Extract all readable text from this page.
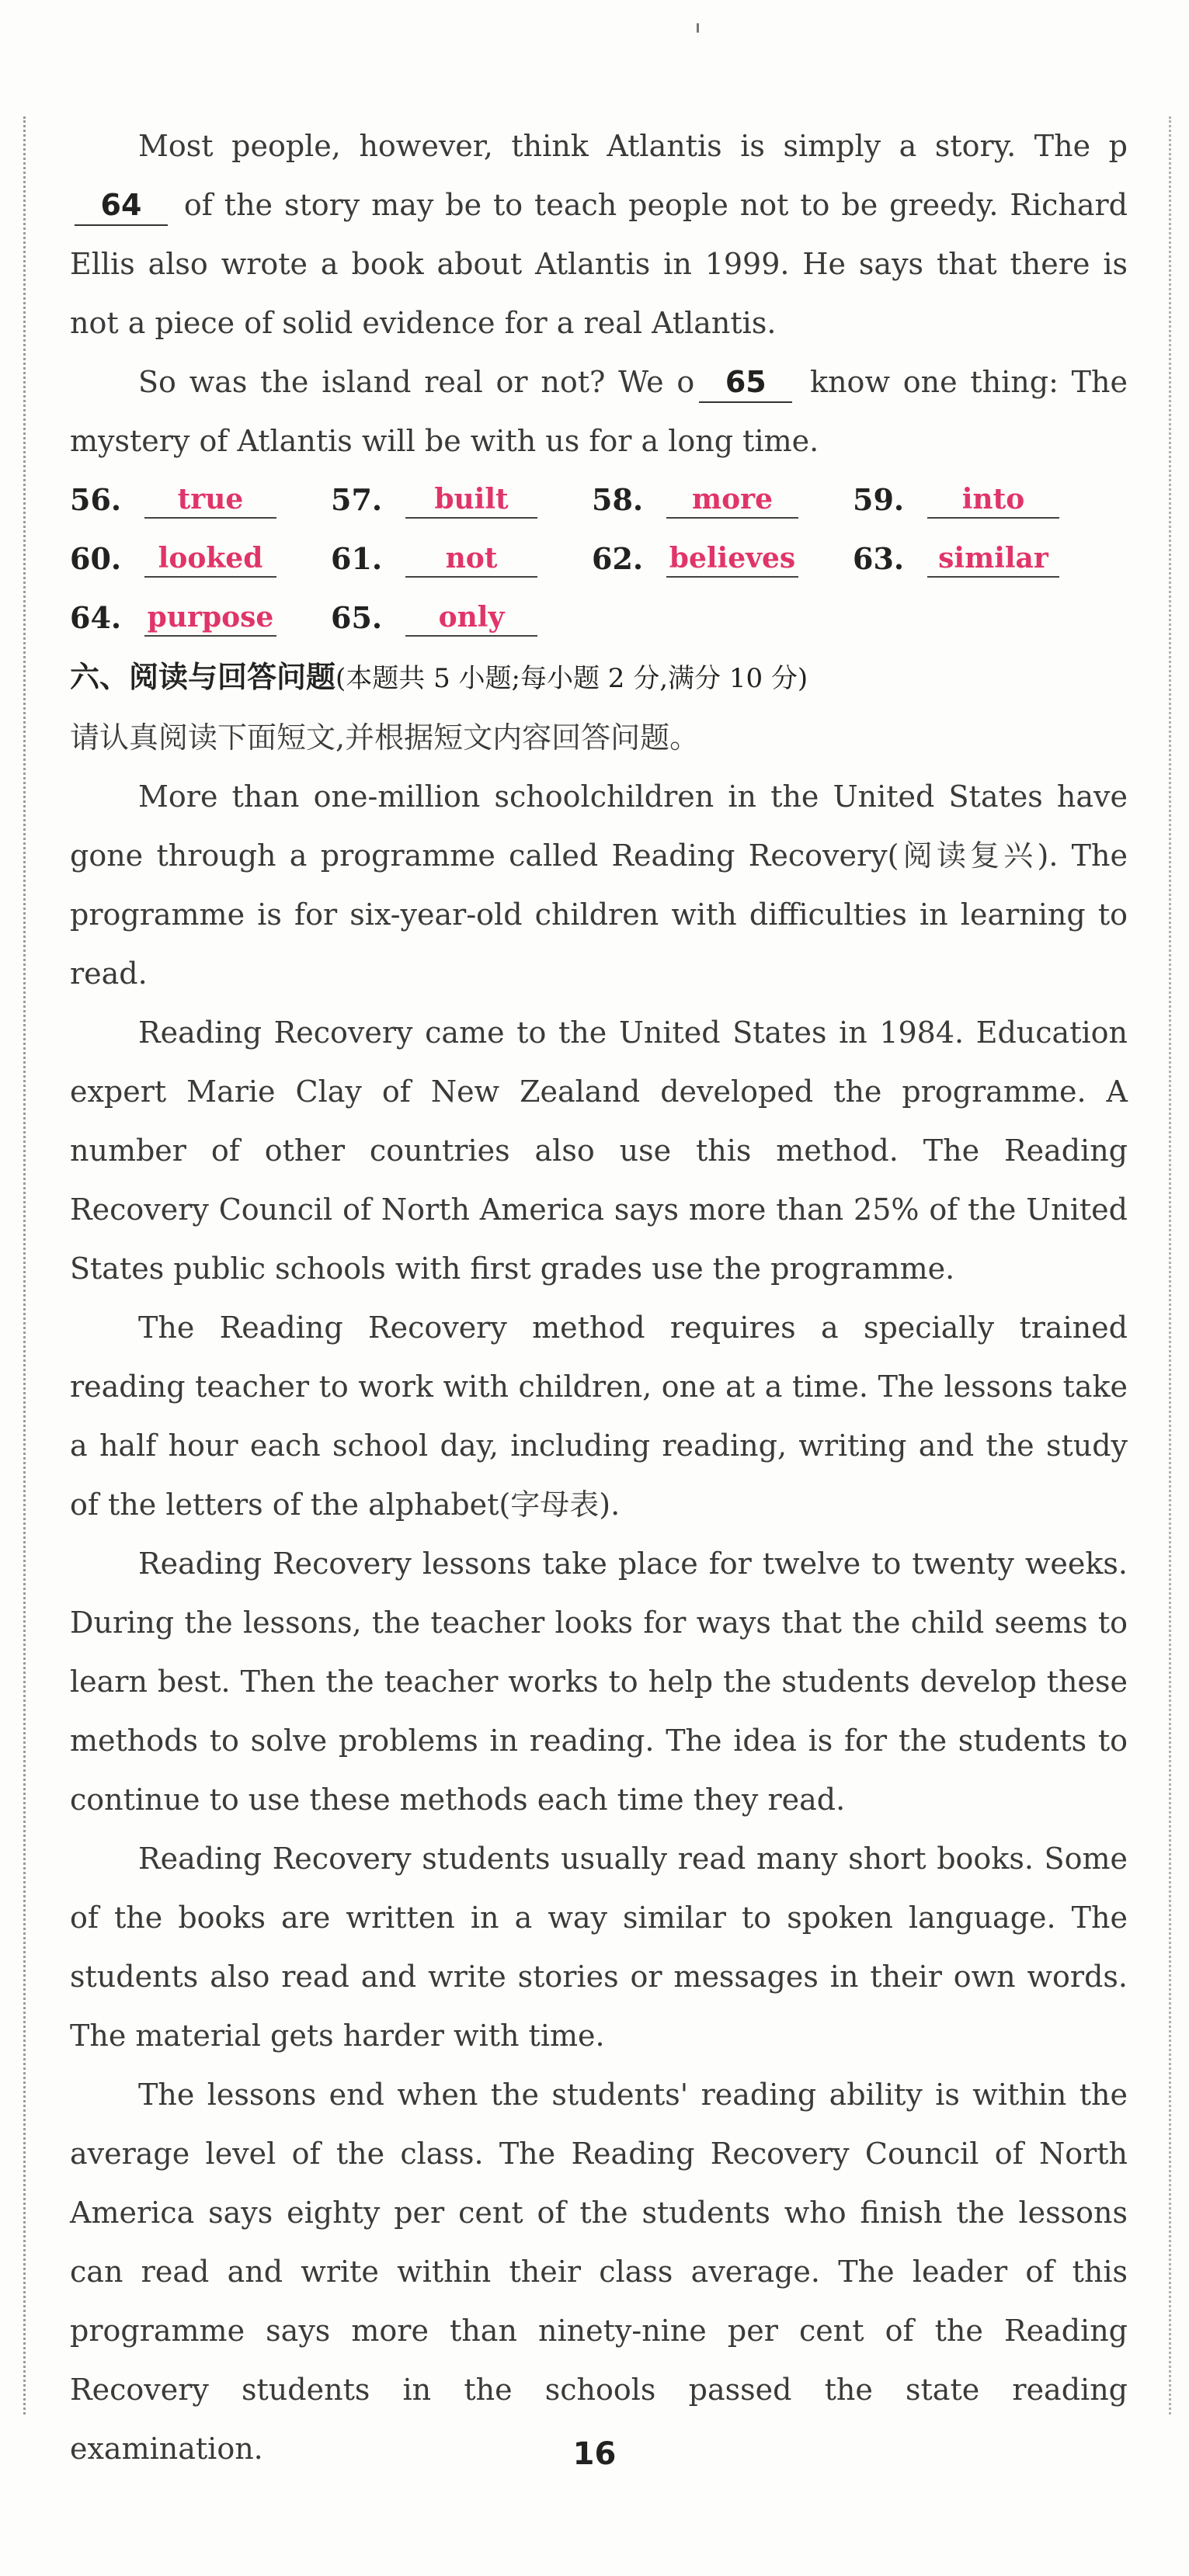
Most people, however, think Atlantis is simply a story. The p64 of the story may be to teach people not to be greedy. Richard Ellis also wrote a book about Atlantis in 1999. He says that there is not a piece of solid evidence for a real Atlantis.

So was the island real or not? We o 65 know one thing: The mystery of Atlantis will be with us for a long time.

56.	true	57.	built	58.	more	59.	into
60.	looked	61.	not	62. believes 63.	similar
64. purpose 65.	only

六、阅读与回答问题(本题共 5 小题;每小题 2 分,满分 10 分)

请认真阅读下面短文,并根据短文内容回答问题。

More than one-million schoolchildren in the United States have gone through a programme called Reading Recovery(阅读复兴). The programme is for six-year-old children with difficulties in learning to read.

Reading Recovery came to the United States in 1984. Education expert Marie Clay of New Zealand developed the programme. A number of other countries also use this method. The Reading Recovery Council of North America says more than 25% of the United States public schools with first grades use the programme.

The Reading Recovery method requires a specially trained reading teacher to work with children, one at a time. The lessons take a half hour each school day, including reading, writing and the study of the letters of the alphabet(字母表).

Reading Recovery lessons take place for twelve to twenty weeks. During the lessons, the teacher looks for ways that the child seems to learn best. Then the teacher works to help the students develop these methods to solve problems in reading. The idea is for the students to continue to use these methods each time they read.

Reading Recovery students usually read many short books. Some of the books are written in a way similar to spoken language. The students also read and write stories or messages in their own words. The material gets harder with time.

The lessons end when the students' reading ability is within the average level of the class. The Reading Recovery Council of North America says eighty per cent of the students who finish the lessons can read and write within their class average. The leader of this programme says more than ninety-nine per cent of the Reading Recovery students in the schools passed the state reading examination.	16
